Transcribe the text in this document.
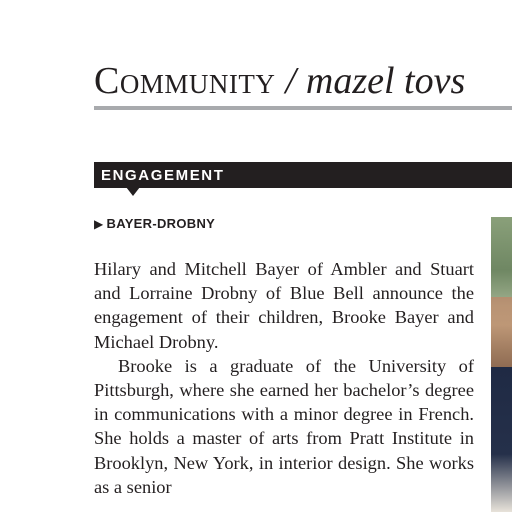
Community / mazel tovs
ENGAGEMENT
▶ BAYER-DROBNY

Hilary and Mitchell Bayer of Ambler and Stuart and Lorraine Drobny of Blue Bell announce the engagement of their children, Brooke Bayer and Michael Drobny.

Brooke is a graduate of the University of Pittsburgh, where she earned her bachelor’s degree in communications with a minor degree in French. She holds a master of arts from Pratt Institute in Brooklyn, New York, in interior design. She works as a senior
